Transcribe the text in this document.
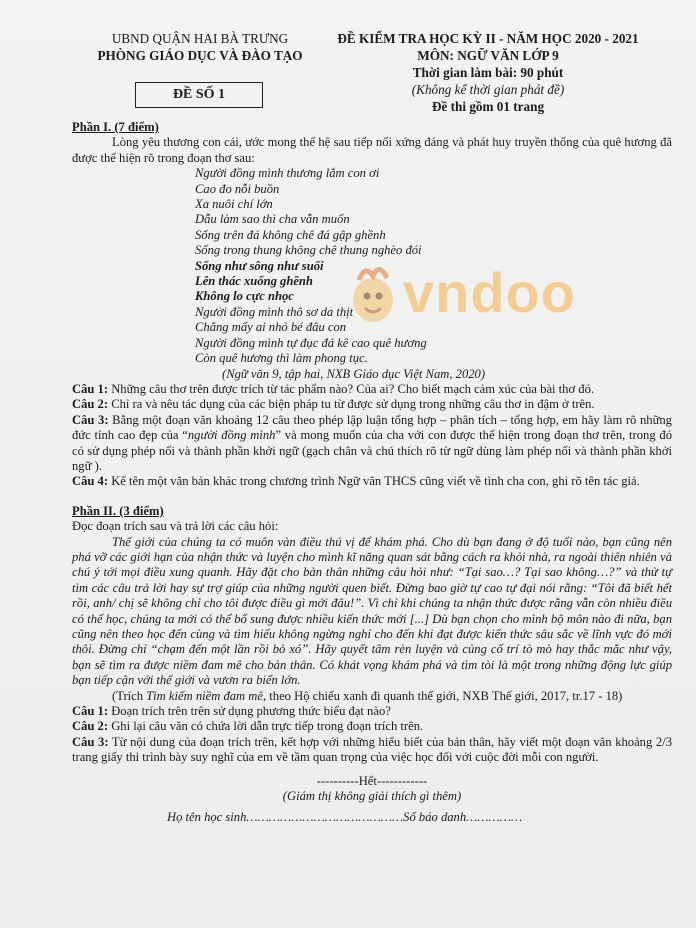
UBND QUẬN HAI BÀ TRƯNG
PHÒNG GIÁO DỤC VÀ ĐÀO TẠO
ĐỀ KIỂM TRA HỌC KỲ II - NĂM HỌC 2020 - 2021
MÔN: NGỮ VĂN LỚP 9
Thời gian làm bài: 90 phút
(Không kể thời gian phát đề)
Đề thi gồm 01 trang
ĐỀ SỐ 1
vndoo
Phần I. (7 điểm)

Lòng yêu thương con cái, ước mong thế hệ sau tiếp nối xứng đáng và phát huy truyền thống của quê hương đã được thể hiện rõ trong đoạn thơ sau:

Người đồng mình thương lắm con ơi
Cao đo nỗi buồn
Xa nuôi chí lớn
Dẫu làm sao thì cha vẫn muốn
Sống trên đá không chê đá gập ghềnh
Sống trong thung không chê thung nghèo đói
Sống như sông như suối
Lên thác xuống ghềnh
Không lo cực nhọc
Người đồng mình thô sơ da thịt
Chẳng mấy ai nhỏ bé đâu con
Người đồng mình tự đục đá kê cao quê hương
Còn quê hương thì làm phong tục.
(Ngữ văn 9, tập hai, NXB Giáo dục Việt Nam, 2020)

Câu 1: Những câu thơ trên được trích từ tác phẩm nào? Của ai? Cho biết mạch cảm xúc của bài thơ đó.

Câu 2: Chỉ ra và nêu tác dụng của các biện pháp tu từ được sử dụng trong những câu thơ in đậm ở trên.

Câu 3: Bằng một đoạn văn khoảng 12 câu theo phép lập luận tổng hợp – phân tích – tổng hợp, em hãy làm rõ những đức tính cao đẹp của “người đồng mình” và mong muốn của cha với con được thể hiện trong đoạn thơ trên, trong đó có sử dụng phép nối và thành phần khởi ngữ (gạch chân và chú thích rõ từ ngữ dùng làm phép nối và thành phần khởi ngữ ).

Câu 4: Kể tên một văn bản khác trong chương trình Ngữ văn THCS cũng viết về tình cha con, ghi rõ tên tác giả.

Phần II. (3 điểm)

Đọc đoạn trích sau và trả lời các câu hỏi:

Thế giới của chúng ta có muôn vàn điều thú vị để khám phá. Cho dù bạn đang ở độ tuổi nào, bạn cũng nên phá vỡ các giới hạn của nhận thức và luyện cho mình kĩ năng quan sát bằng cách ra khỏi nhà, ra ngoài thiên nhiên và chú ý tới mọi điều xung quanh. Hãy đặt cho bản thân những câu hỏi như: “Tại sao…? Tại sao không…?” và thử tự tìm các câu trả lời hay sự trợ giúp của những người quen biết. Đừng bao giờ tự cao tự đại nói rằng: “Tôi đã biết hết rồi, anh/ chị sẽ không chỉ cho tôi được điều gì mới đâu!”. Vì chỉ khi chúng ta nhận thức được rằng vẫn còn nhiều điều có thể học, chúng ta mới có thể bổ sung được nhiều kiến thức mới [...] Dù bạn chọn cho mình bộ môn nào đi nữa, bạn cũng nên theo học đến cùng và tìm hiểu không ngừng nghỉ cho đến khi đạt được kiến thức sâu sắc về lĩnh vực đó mới thôi. Đừng chỉ “chạm đến một lần rồi bỏ xó”. Hãy quyết tâm rèn luyện và củng cố trí tò mò hay thắc mắc như vậy, bạn sẽ tìm ra được niềm đam mê cho bản thân. Có khát vọng khám phá và tìm tòi là một trong những động lực giúp bạn tiếp cận với thế giới và vươn ra biển lớn.

(Trích Tìm kiếm niềm đam mê, theo Hộ chiếu xanh đi quanh thế giới, NXB Thế giới, 2017, tr.17 - 18)

Câu 1: Đoạn trích trên trên sử dụng phương thức biểu đạt nào?

Câu 2: Ghi lại câu văn có chứa lời dẫn trực tiếp trong đoạn trích trên.

Câu 3: Từ nội dung của đoạn trích trên, kết hợp với những hiểu biết của bản thân, hãy viết một đoạn văn khoảng 2/3 trang giấy thi trình bày suy nghĩ của em về tầm quan trọng của việc học đối với cuộc đời mỗi con người.

----------Hết------------
(Giám thị không giải thích gì thêm)
Họ tên học sinh……………………………………Số báo danh……………
